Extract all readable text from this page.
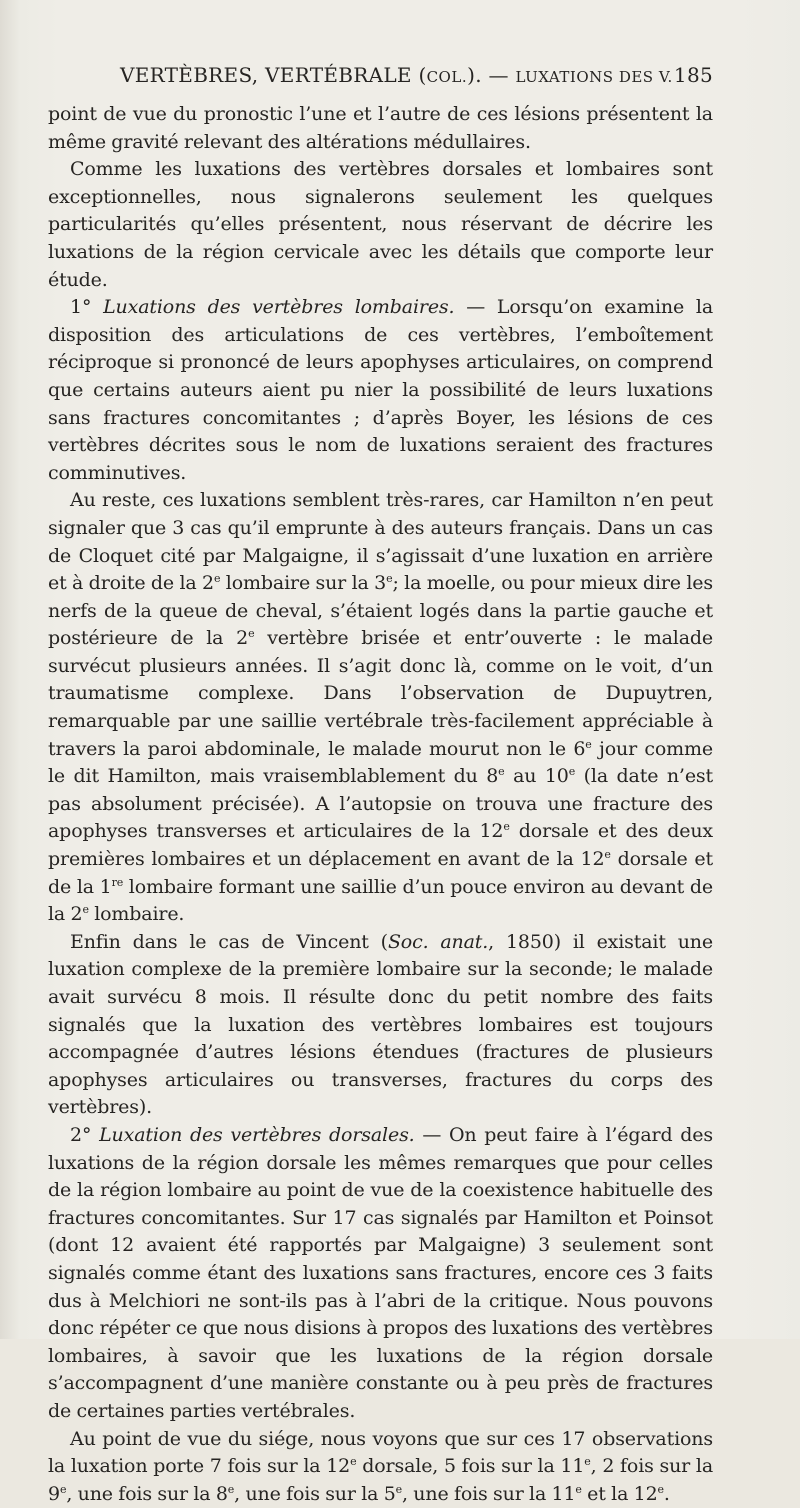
VERTÈBRES, VERTÉBRALE (COL.). — LUXATIONS DES V. 185

point de vue du pronostic l’une et l’autre de ces lésions présentent la même gravité relevant des altérations médullaires.

Comme les luxations des vertèbres dorsales et lombaires sont exceptionnelles, nous signalerons seulement les quelques particularités qu’elles présentent, nous réservant de décrire les luxations de la région cervicale avec les détails que comporte leur étude.

1° Luxations des vertèbres lombaires. — Lorsqu’on examine la disposition des articulations de ces vertèbres, l’emboîtement réciproque si prononcé de leurs apophyses articulaires, on comprend que certains auteurs aient pu nier la possibilité de leurs luxations sans fractures concomitantes ; d’après Boyer, les lésions de ces vertèbres décrites sous le nom de luxations seraient des fractures comminutives.

Au reste, ces luxations semblent très-rares, car Hamilton n’en peut signaler que 3 cas qu’il emprunte à des auteurs français. Dans un cas de Cloquet cité par Malgaigne, il s’agissait d’une luxation en arrière et à droite de la 2e lombaire sur la 3e; la moelle, ou pour mieux dire les nerfs de la queue de cheval, s’étaient logés dans la partie gauche et postérieure de la 2e vertèbre brisée et entr’ouverte : le malade survécut plusieurs années. Il s’agit donc là, comme on le voit, d’un traumatisme complexe. Dans l’observation de Dupuytren, remarquable par une saillie vertébrale très-facilement appréciable à travers la paroi abdominale, le malade mourut non le 6e jour comme le dit Hamilton, mais vraisemblablement du 8e au 10e (la date n’est pas absolument précisée). A l’autopsie on trouva une fracture des apophyses transverses et articulaires de la 12e dorsale et des deux premières lombaires et un déplacement en avant de la 12e dorsale et de la 1re lombaire formant une saillie d’un pouce environ au devant de la 2e lombaire.

Enfin dans le cas de Vincent (Soc. anat., 1850) il existait une luxation complexe de la première lombaire sur la seconde; le malade avait survécu 8 mois. Il résulte donc du petit nombre des faits signalés que la luxation des vertèbres lombaires est toujours accompagnée d’autres lésions étendues (fractures de plusieurs apophyses articulaires ou transverses, fractures du corps des vertèbres).

2° Luxation des vertèbres dorsales. — On peut faire à l’égard des luxations de la région dorsale les mêmes remarques que pour celles de la région lombaire au point de vue de la coexistence habituelle des fractures concomitantes. Sur 17 cas signalés par Hamilton et Poinsot (dont 12 avaient été rapportés par Malgaigne) 3 seulement sont signalés comme étant des luxations sans fractures, encore ces 3 faits dus à Melchiori ne sont-ils pas à l’abri de la critique. Nous pouvons donc répéter ce que nous disions à propos des luxations des vertèbres lombaires, à savoir que les luxations de la région dorsale s’accompagnent d’une manière constante ou à peu près de fractures de certaines parties vertébrales.

Au point de vue du siége, nous voyons que sur ces 17 observations la luxation porte 7 fois sur la 12e dorsale, 5 fois sur la 11e, 2 fois sur la 9e, une fois sur la 8e, une fois sur la 5e, une fois sur la 11e et la 12e.
